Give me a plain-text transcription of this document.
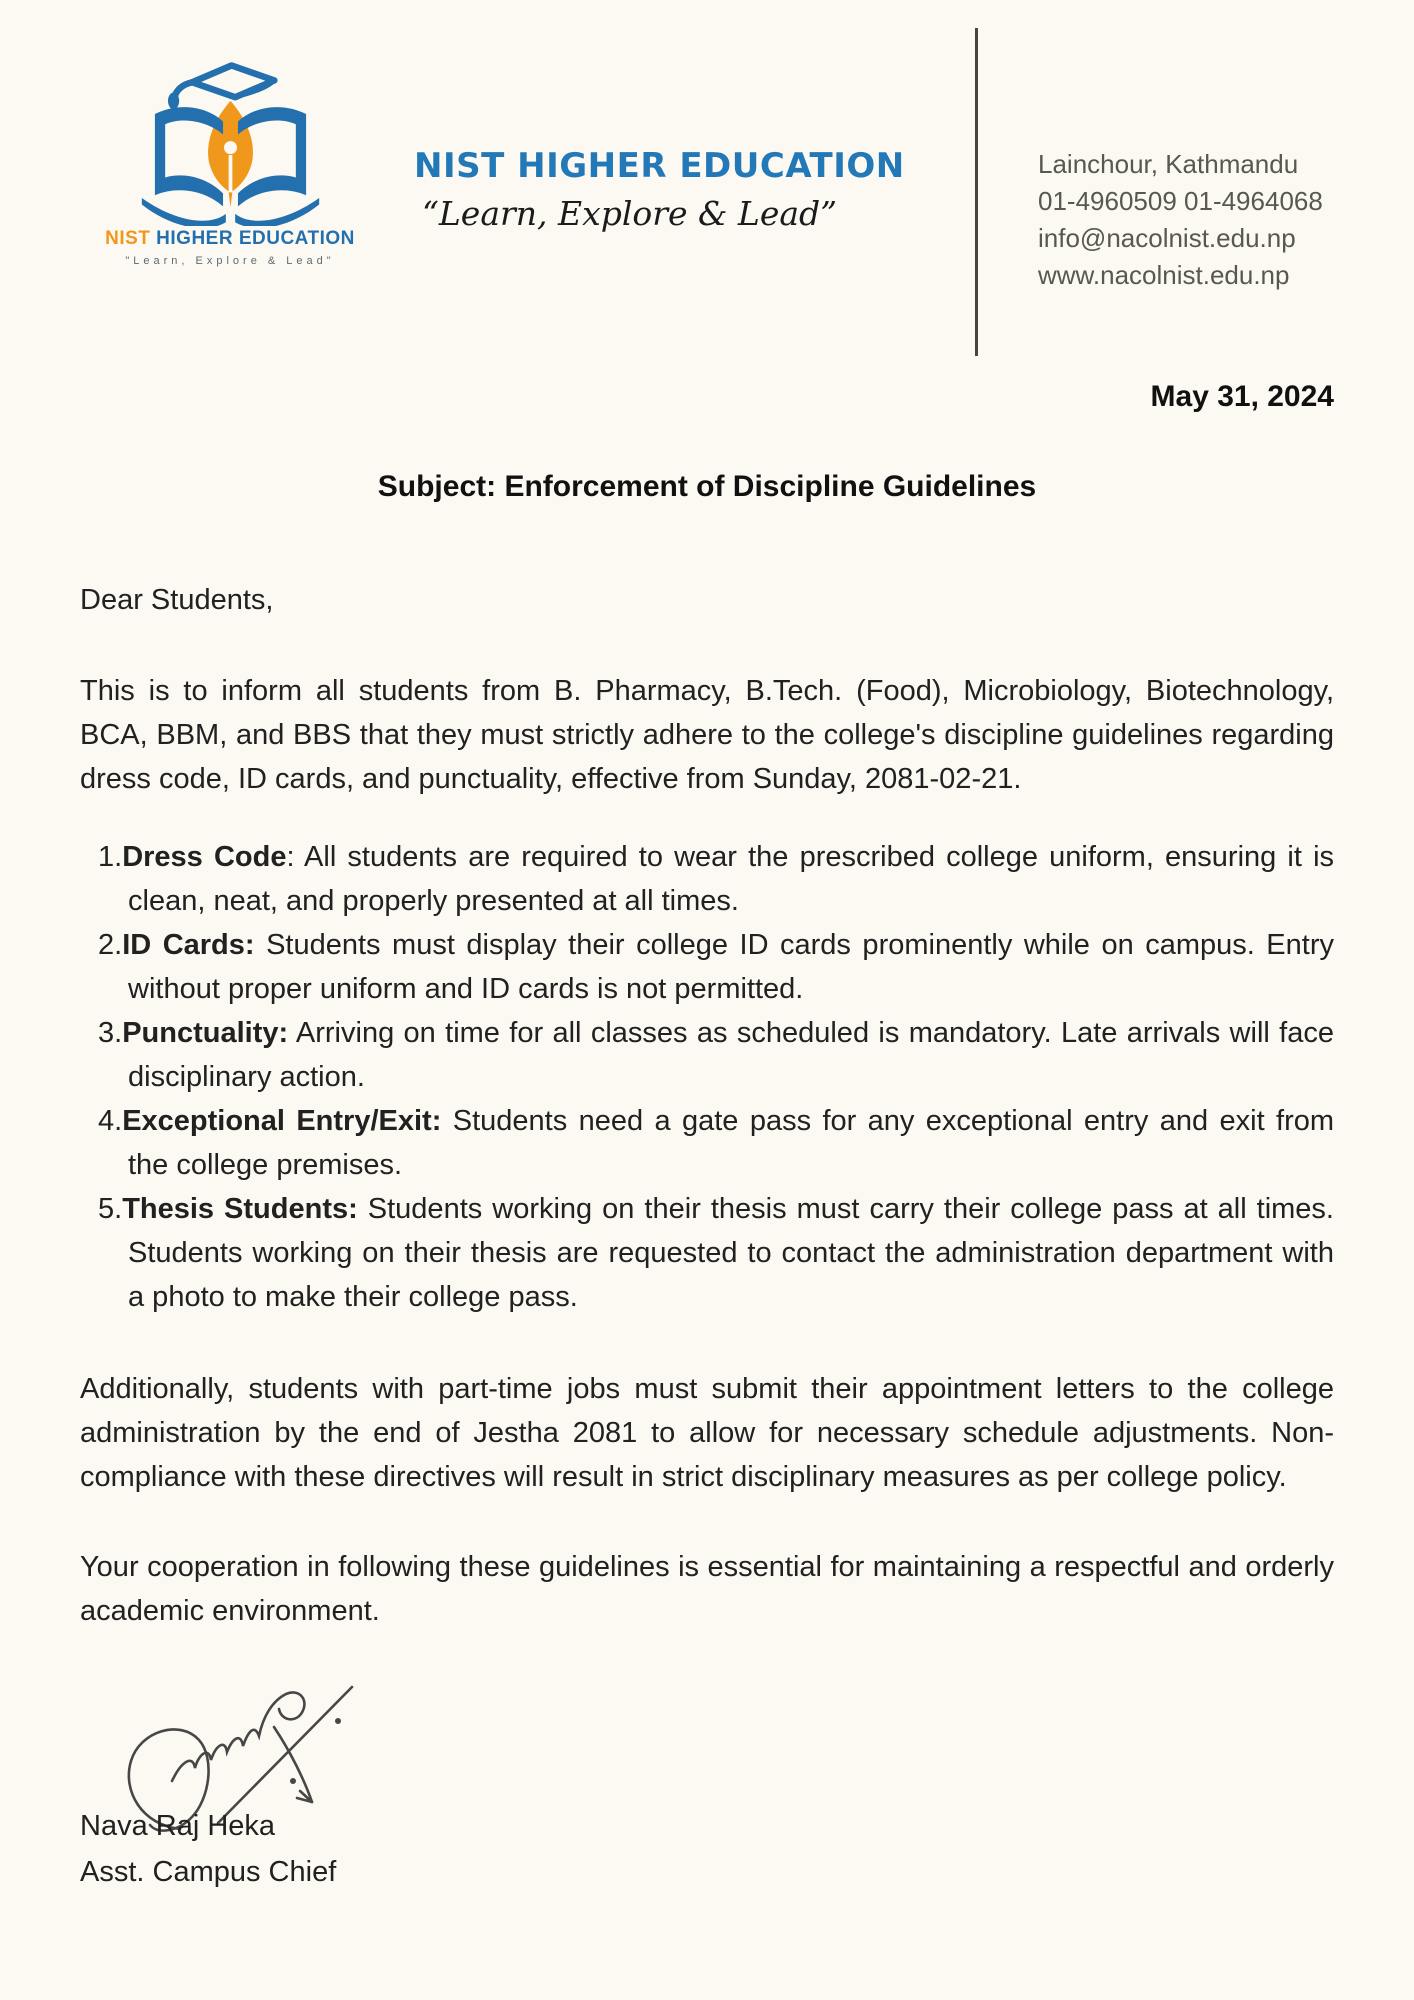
NIST HIGHER EDUCATION
"Learn, Explore & Lead"
NIST HIGHER EDUCATION
“Learn, Explore & Lead”
Lainchour, Kathmandu
01-4960509 01-4964068
info@nacolnist.edu.np
www.nacolnist.edu.np
May 31, 2024
Subject: Enforcement of Discipline Guidelines
Dear Students,

This is to inform all students from B. Pharmacy, B.Tech. (Food), Microbiology, Biotechnology, BCA, BBM, and BBS that they must strictly adhere to the college's discipline guidelines regarding dress code, ID cards, and punctuality, effective from Sunday, 2081-02-21.

1.Dress Code: All students are required to wear the prescribed college uniform, ensuring it is clean, neat, and properly presented at all times.
2.ID Cards: Students must display their college ID cards prominently while on campus. Entry without proper uniform and ID cards is not permitted.
3.Punctuality: Arriving on time for all classes as scheduled is mandatory. Late arrivals will face disciplinary action.
4.Exceptional Entry/Exit: Students need a gate pass for any exceptional entry and exit from the college premises.
5.Thesis Students: Students working on their thesis must carry their college pass at all times. Students working on their thesis are requested to contact the administration department with a photo to make their college pass.

Additionally, students with part-time jobs must submit their appointment letters to the college administration by the end of Jestha 2081 to allow for necessary schedule adjustments. Non-compliance with these directives will result in strict disciplinary measures as per college policy.

Your cooperation in following these guidelines is essential for maintaining a respectful and orderly academic environment.

Nava Raj Heka
Asst. Campus Chief
